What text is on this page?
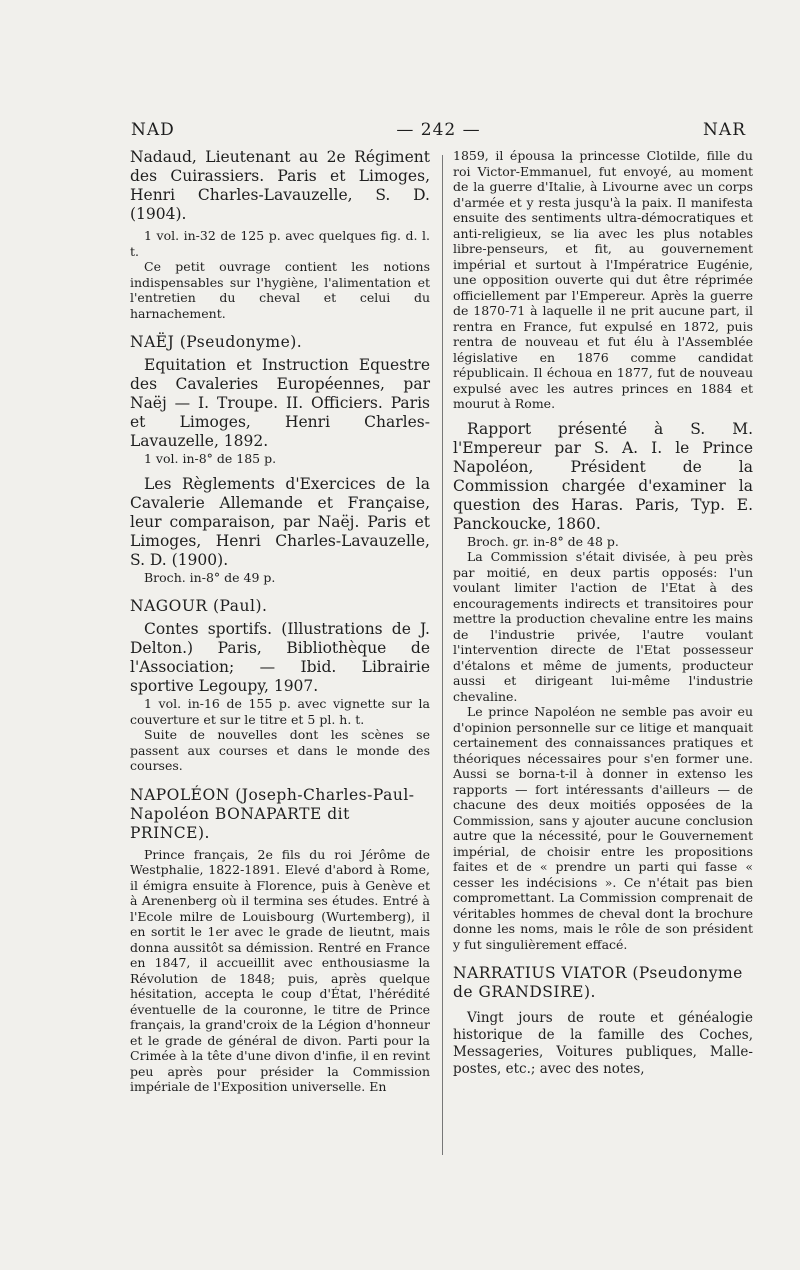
NAD	— 242 —	NAR

Nadaud, Lieutenant au 2e Régiment des Cuirassiers. Paris et Limoges, Henri Charles-Lavauzelle, S. D. (1904).

1 vol. in-32 de 125 p. avec quelques fig. d. l. t.

Ce petit ouvrage contient les notions indispensables sur l'hygiène, l'alimentation et l'entretien du cheval et celui du harnachement.

NAËJ (Pseudonyme).

Equitation et Instruction Equestre des Cavaleries Européennes, par Naëj — I. Troupe. II. Officiers. Paris et Limoges, Henri Charles-Lavauzelle, 1892.

1 vol. in-8° de 185 p.

Les Règlements d'Exercices de la Cavalerie Allemande et Française, leur comparaison, par Naëj. Paris et Limoges, Henri Charles-Lavauzelle, S. D. (1900).

Broch. in-8° de 49 p.

NAGOUR (Paul).

Contes sportifs. (Illustrations de J. Delton.) Paris, Bibliothèque de l'Association; — Ibid. Librairie sportive Legoupy, 1907.

1 vol. in-16 de 155 p. avec vignette sur la couverture et sur le titre et 5 pl. h. t.

Suite de nouvelles dont les scènes se passent aux courses et dans le monde des courses.

NAPOLÉON (Joseph-Charles-Paul-Napoléon BONAPARTE dit PRINCE).

Prince français, 2e fils du roi Jérôme de Westphalie, 1822-1891. Elevé d'abord à Rome, il émigra ensuite à Florence, puis à Genève et à Arenenberg où il termina ses études. Entré à l'Ecole milre de Louisbourg (Wurtemberg), il en sortit le 1er avec le grade de lieutnt, mais donna aussitôt sa démission. Rentré en France en 1847, il accueillit avec enthousiasme la Révolution de 1848; puis, après quelque hésitation, accepta le coup d'État, l'hérédité éventuelle de la couronne, le titre de Prince français, la grand'croix de la Légion d'honneur et le grade de général de divon. Parti pour la Crimée à la tête d'une divon d'infie, il en revint peu après pour présider la Commission impériale de l'Exposition universelle. En

1859, il épousa la princesse Clotilde, fille du roi Victor-Emmanuel, fut envoyé, au moment de la guerre d'Italie, à Livourne avec un corps d'armée et y resta jusqu'à la paix. Il manifesta ensuite des sentiments ultra-démocratiques et anti-religieux, se lia avec les plus notables libre-penseurs, et fit, au gouvernement impérial et surtout à l'Impératrice Eugénie, une opposition ouverte qui dut être réprimée officiellement par l'Empereur. Après la guerre de 1870-71 à laquelle il ne prit aucune part, il rentra en France, fut expulsé en 1872, puis rentra de nouveau et fut élu à l'Assemblée législative en 1876 comme candidat républicain. Il échoua en 1877, fut de nouveau expulsé avec les autres princes en 1884 et mourut à Rome.

Rapport présenté à S. M. l'Empereur par S. A. I. le Prince Napoléon, Président de la Commission chargée d'examiner la question des Haras. Paris, Typ. E. Panckoucke, 1860.

Broch. gr. in-8° de 48 p.

La Commission s'était divisée, à peu près par moitié, en deux partis opposés: l'un voulant limiter l'action de l'Etat à des encouragements indirects et transitoires pour mettre la production chevaline entre les mains de l'industrie privée, l'autre voulant l'intervention directe de l'Etat possesseur d'étalons et même de juments, producteur aussi et dirigeant lui-même l'industrie chevaline.

Le prince Napoléon ne semble pas avoir eu d'opinion personnelle sur ce litige et manquait certainement des connaissances pratiques et théoriques nécessaires pour s'en former une. Aussi se borna-t-il à donner in extenso les rapports — fort intéressants d'ailleurs — de chacune des deux moitiés opposées de la Commission, sans y ajouter aucune conclusion autre que la nécessité, pour le Gouvernement impérial, de choisir entre les propositions faites et de « prendre un parti qui fasse « cesser les indécisions ». Ce n'était pas bien compromettant. La Commission comprenait de véritables hommes de cheval dont la brochure donne les noms, mais le rôle de son président y fut singulièrement effacé.

NARRATIUS VIATOR (Pseudonyme de GRANDSIRE).

Vingt jours de route et généalogie historique de la famille des Coches, Messageries, Voitures publiques, Malle-postes, etc.; avec des notes,
